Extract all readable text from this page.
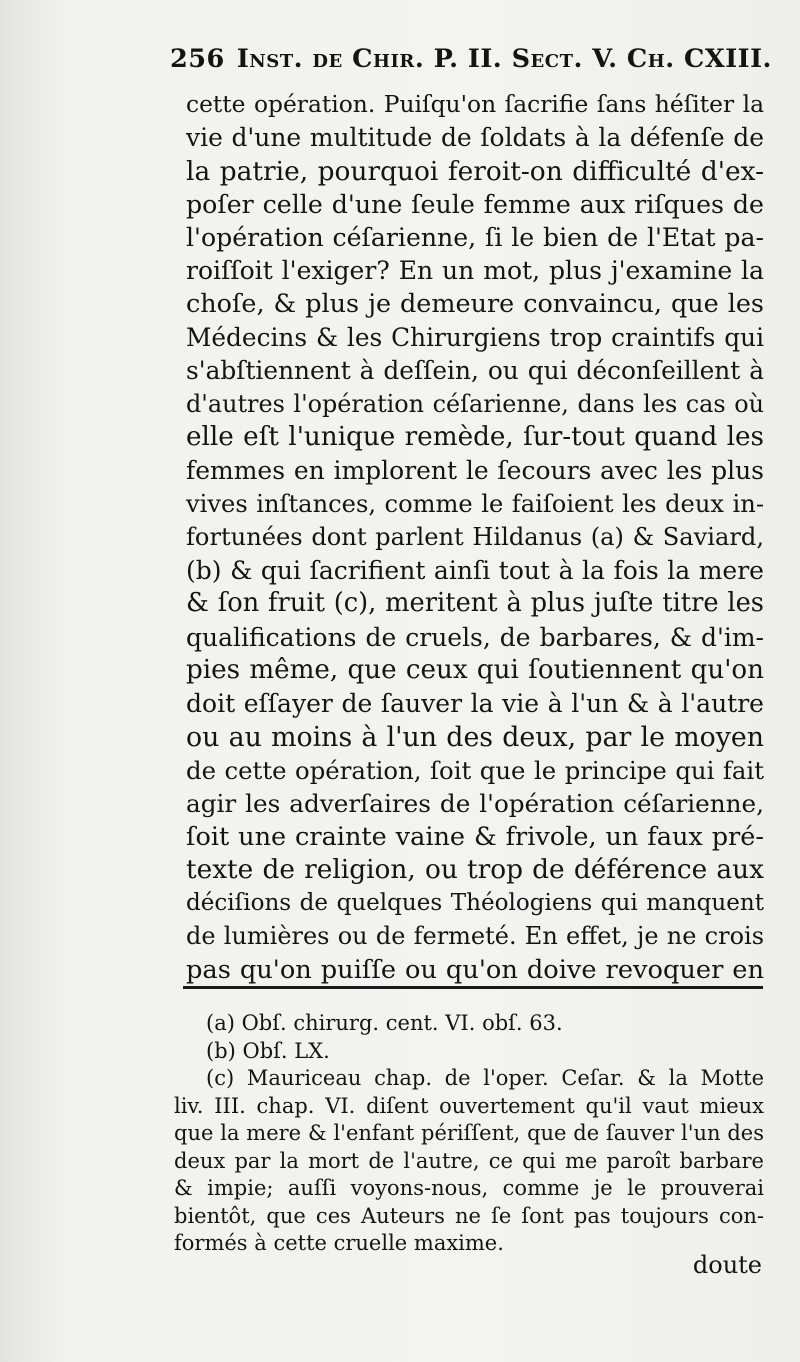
256 Inst. de Chir. P. II. Sect. V. Ch. CXIII.
cette opération. Puiſqu'on ſacrifie ſans héſiter la
vie d'une multitude de ſoldats à la défenſe de
la patrie, pourquoi feroit-on difficulté d'ex-
poſer celle d'une ſeule femme aux riſques de
l'opération céſarienne, ſi le bien de l'Etat pa-
roiſſoit l'exiger? En un mot, plus j'examine la
choſe, & plus je demeure convaincu, que les
Médecins & les Chirurgiens trop craintifs qui
s'abſtiennent à deſſein, ou qui déconſeillent à
d'autres l'opération céſarienne, dans les cas où
elle eſt l'unique remède, ſur-tout quand les
femmes en implorent le ſecours avec les plus
vives inſtances, comme le faiſoient les deux in-
fortunées dont parlent Hildanus (a) & Saviard,
(b) & qui ſacrifient ainſi tout à la fois la mere
& ſon fruit (c), meritent à plus juſte titre les
qualifications de cruels, de barbares, & d'im-
pies même, que ceux qui ſoutiennent qu'on
doit eſſayer de ſauver la vie à l'un & à l'autre
ou au moins à l'un des deux, par le moyen
de cette opération, ſoit que le principe qui fait
agir les adverſaires de l'opération céſarienne,
ſoit une crainte vaine & frivole, un faux pré-
texte de religion, ou trop de déférence aux
déciſions de quelques Théologiens qui manquent
de lumières ou de fermeté. En effet, je ne crois
pas qu'on puiſſe ou qu'on doive revoquer en
(a) Obſ. chirurg. cent. VI. obſ. 63.
(b) Obſ. LX.
(c) Mauriceau chap. de l'oper. Ceſar. & la Motte
liv. III. chap. VI. diſent ouvertement qu'il vaut mieux
que la mere & l'enfant périſſent, que de ſauver l'un des
deux par la mort de l'autre, ce qui me paroît barbare
& impie; auſſi voyons-nous, comme je le prouverai
bientôt, que ces Auteurs ne ſe ſont pas toujours con-
formés à cette cruelle maxime.
doute
